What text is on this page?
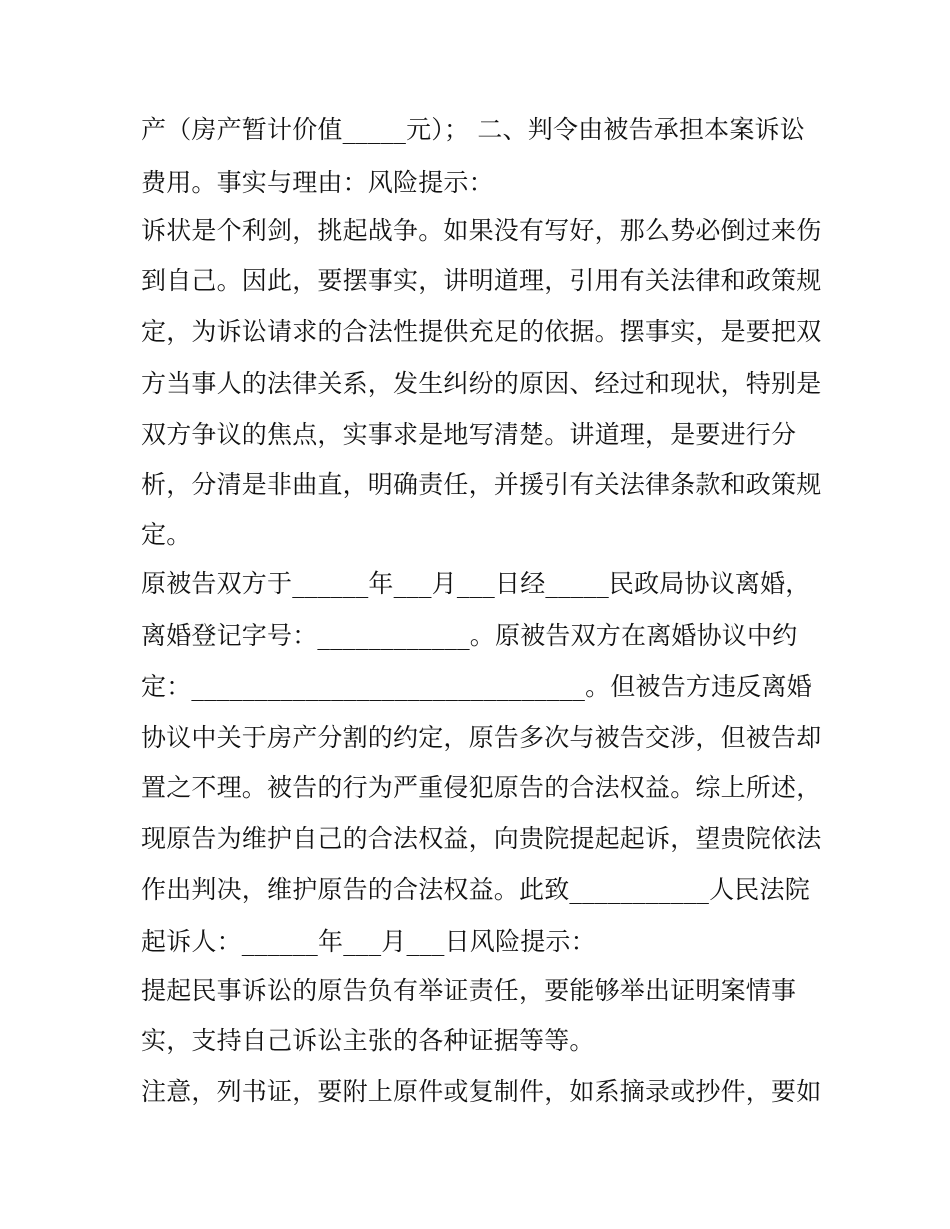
产（房产暂计价值_____元）； 二、判令由被告承担本案诉讼
费用。事实与理由：风险提示：
诉状是个利剑，挑起战争。如果没有写好，那么势必倒过来伤
到自己。因此，要摆事实，讲明道理，引用有关法律和政策规
定，为诉讼请求的合法性提供充足的依据。摆事实，是要把双
方当事人的法律关系，发生纠纷的原因、经过和现状，特别是
双方争议的焦点，实事求是地写清楚。讲道理，是要进行分
析，分清是非曲直，明确责任，并援引有关法律条款和政策规
定。
原被告双方于______年___月___日经_____民政局协议离婚，
离婚登记字号：____________。原被告双方在离婚协议中约
定：_______________________________。但被告方违反离婚
协议中关于房产分割的约定，原告多次与被告交涉，但被告却
置之不理。被告的行为严重侵犯原告的合法权益。综上所述，
现原告为维护自己的合法权益，向贵院提起起诉，望贵院依法
作出判决，维护原告的合法权益。此致___________人民法院
起诉人：______年___月___日风险提示：
提起民事诉讼的原告负有举证责任，要能够举出证明案情事
实，支持自己诉讼主张的各种证据等等。
注意，列书证，要附上原件或复制件，如系摘录或抄件，要如
